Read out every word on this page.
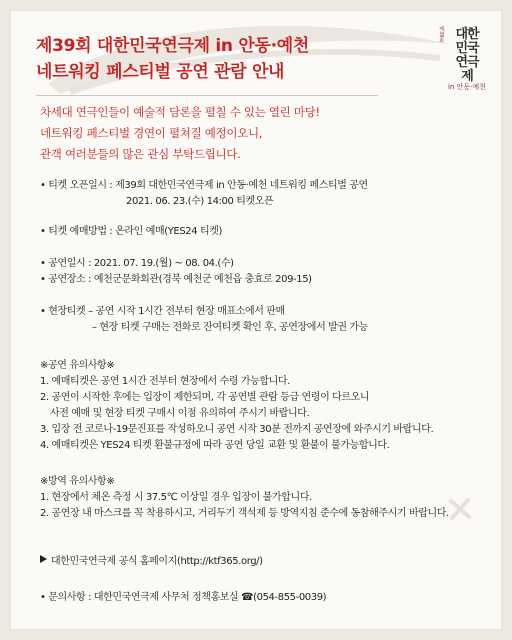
제39회 대한민국연극제 in 안동·예천
네트워킹 페스티벌 공연 관람 안내
제39회 대한
민국
연극제
in 안동·예천
차세대 연극인들이 예술적 담론을 펼칠 수 있는 열린 마당!
네트워킹 페스티벌 경연이 펼쳐질 예정이오니,
관객 여러분들의 많은 관심 부탁드립니다.
• 티켓 오픈일시 : 제39회 대한민국연극제 in 안동·예천 네트워킹 페스티벌 공연
2021. 06. 23.(수) 14:00 티켓오픈
• 티켓 예매방법 : 온라인 예매(YES24 티켓)
• 공연일시 : 2021. 07. 19.(월) ~ 08. 04.(수)
• 공연장소 : 예천군문화회관(경북 예천군 예천읍 충효로 209-15)
• 현장티켓 – 공연 시작 1시간 전부터 현장 매표소에서 판매
– 현장 티켓 구매는 전화로 잔여티켓 확인 후, 공연장에서 발권 가능
※공연 유의사항※
1. 예매티켓은 공연 1시간 전부터 현장에서 수령 가능합니다.
2. 공연이 시작한 후에는 입장이 제한되며, 각 공연별 관람 등급 연령이 다르오니
사전 예매 및 현장 티켓 구매시 이점 유의하여 주시기 바랍니다.
3. 입장 전 코로나-19문진표를 작성하오니 공연 시작 30분 전까지 공연장에 와주시기 바랍니다.
4. 예매티켓은 YES24 티켓 환불규정에 따라 공연 당일 교환 및 환불이 불가능합니다.
※방역 유의사항※
1. 현장에서 체온 측정 시 37.5℃ 이상일 경우 입장이 불가합니다.
2. 공연장 내 마스크를 꼭 착용하시고, 거리두기 객석제 등 방역지침 준수에 동참해주시기 바랍니다.
대한민국연극제 공식 홈페이지(http://ktf365.org/)
• 문의사항 : 대한민국연극제 사무처 정책홍보실 ☎(054-855-0039)
